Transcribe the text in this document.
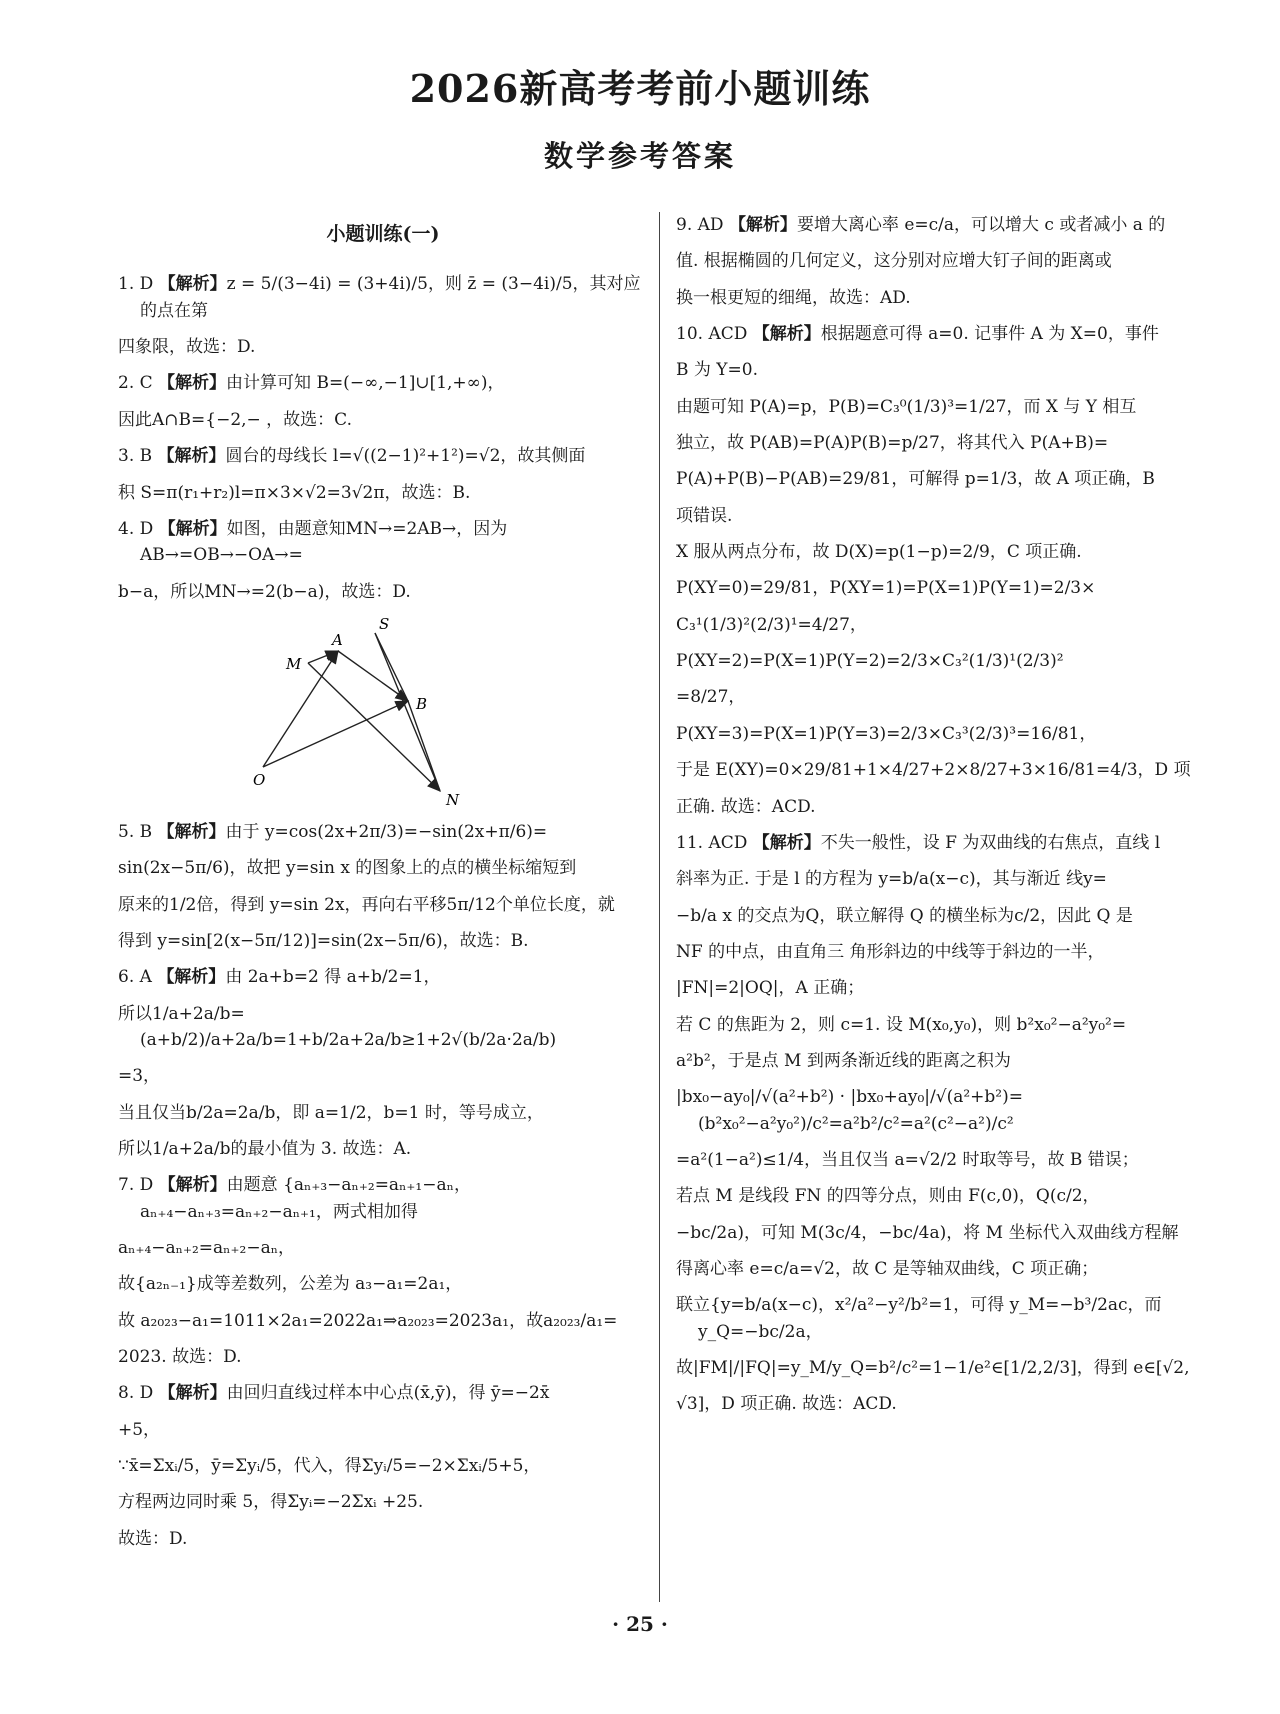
2026新高考考前小题训练
数学参考答案
小题训练(一)
1. D 【解析】z = 5/(3−4i) = (3+4i)/5，则 z̄ = (3−4i)/5，其对应的点在第
四象限，故选：D.
2. C 【解析】由计算可知 B=(−∞,−1]∪[1,+∞)，
因此A∩B={−2,− ，故选：C.
3. B 【解析】圆台的母线长 l=√((2−1)²+1²)=√2，故其侧面
积 S=π(r₁+r₂)l=π×3×√2=3√2π，故选：B.
4. D 【解析】如图，由题意知MN→=2AB→，因为AB→=OB→−OA→=
b−a，所以MN→=2(b−a)，故选：D.
S
A
M
B
O
N
5. B 【解析】由于 y=cos(2x+2π/3)=−sin(2x+π/6)=
sin(2x−5π/6)，故把 y=sin x 的图象上的点的横坐标缩短到
原来的1/2倍，得到 y=sin 2x，再向右平移5π/12个单位长度，就
得到 y=sin[2(x−5π/12)]=sin(2x−5π/6)，故选：B.
6. A 【解析】由 2a+b=2 得 a+b/2=1，
所以1/a+2a/b=(a+b/2)/a+2a/b=1+b/2a+2a/b≥1+2√(b/2a·2a/b)
=3，
当且仅当b/2a=2a/b，即 a=1/2，b=1 时，等号成立，
所以1/a+2a/b的最小值为 3. 故选：A.
7. D 【解析】由题意 {aₙ₊₃−aₙ₊₂=aₙ₊₁−aₙ，aₙ₊₄−aₙ₊₃=aₙ₊₂−aₙ₊₁，两式相加得
aₙ₊₄−aₙ₊₂=aₙ₊₂−aₙ，
故{a₂ₙ₋₁}成等差数列，公差为 a₃−a₁=2a₁，
故 a₂₀₂₃−a₁=1011×2a₁=2022a₁⇒a₂₀₂₃=2023a₁，故a₂₀₂₃/a₁=
2023. 故选：D.
8. D 【解析】由回归直线过样本中心点(x̄,ȳ)，得 ȳ=−2x̄
+5，
∵x̄=Σxᵢ/5，ȳ=Σyᵢ/5，代入，得Σyᵢ/5=−2×Σxᵢ/5+5，
方程两边同时乘 5，得Σyᵢ=−2Σxᵢ +25.
故选：D.
9. AD 【解析】要增大离心率 e=c/a，可以增大 c 或者减小 a 的
值. 根据椭圆的几何定义，这分别对应增大钉子间的距离或
换一根更短的细绳，故选：AD.
10. ACD 【解析】根据题意可得 a=0. 记事件 A 为 X=0，事件
B 为 Y=0.
由题可知 P(A)=p，P(B)=C₃⁰(1/3)³=1/27，而 X 与 Y 相互
独立，故 P(AB)=P(A)P(B)=p/27，将其代入 P(A+B)=
P(A)+P(B)−P(AB)=29/81，可解得 p=1/3，故 A 项正确，B
项错误.
X 服从两点分布，故 D(X)=p(1−p)=2/9，C 项正确.
P(XY=0)=29/81，P(XY=1)=P(X=1)P(Y=1)=2/3×
C₃¹(1/3)²(2/3)¹=4/27，
P(XY=2)=P(X=1)P(Y=2)=2/3×C₃²(1/3)¹(2/3)²
=8/27，
P(XY=3)=P(X=1)P(Y=3)=2/3×C₃³(2/3)³=16/81，
于是 E(XY)=0×29/81+1×4/27+2×8/27+3×16/81=4/3，D 项
正确. 故选：ACD.
11. ACD 【解析】不失一般性，设 F 为双曲线的右焦点，直线 l
斜率为正. 于是 l 的方程为 y=b/a(x−c)，其与渐近 线y=
−b/a x 的交点为Q，联立解得 Q 的横坐标为c/2，因此 Q 是
NF 的中点，由直角三 角形斜边的中线等于斜边的一半，
|FN|=2|OQ|，A 正确；
若 C 的焦距为 2，则 c=1. 设 M(x₀,y₀)，则 b²x₀²−a²y₀²=
a²b²，于是点 M 到两条渐近线的距离之积为
|bx₀−ay₀|/√(a²+b²) · |bx₀+ay₀|/√(a²+b²)=(b²x₀²−a²y₀²)/c²=a²b²/c²=a²(c²−a²)/c²
=a²(1−a²)≤1/4，当且仅当 a=√2/2 时取等号，故 B 错误；
若点 M 是线段 FN 的四等分点，则由 F(c,0)，Q(c/2，
−bc/2a)，可知 M(3c/4，−bc/4a)，将 M 坐标代入双曲线方程解
得离心率 e=c/a=√2，故 C 是等轴双曲线，C 项正确；
联立{y=b/a(x−c)，x²/a²−y²/b²=1，可得 y_M=−b³/2ac，而 y_Q=−bc/2a，
故|FM|/|FQ|=y_M/y_Q=b²/c²=1−1/e²∈[1/2,2/3]，得到 e∈[√2,
√3]，D 项正确. 故选：ACD.
· 25 ·
